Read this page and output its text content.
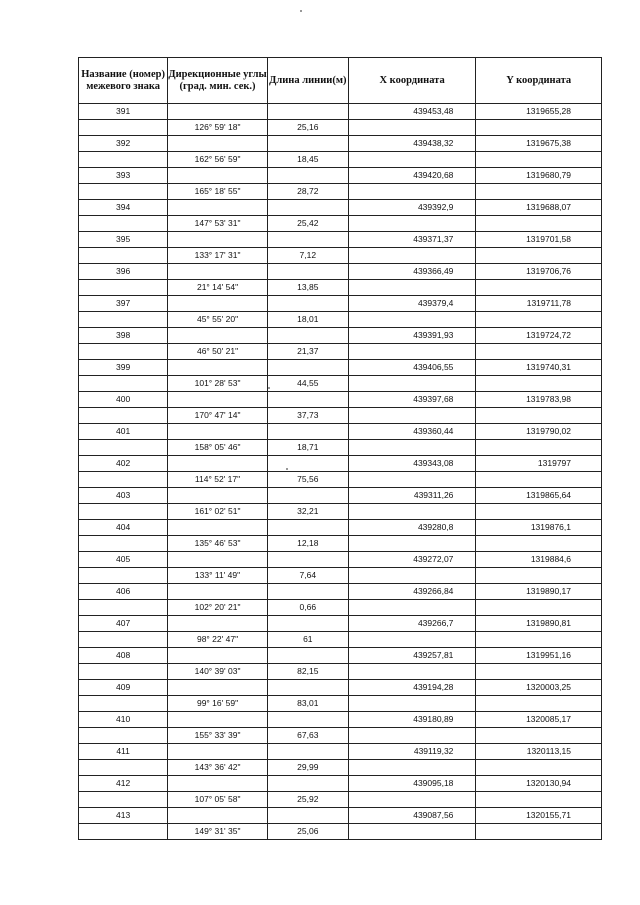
Название (номер) межевого знака	Дирекционные углы (град. мин. сек.)	Длина линии(м)	X координата	Y координата
391			439453,48	1319655,28
	126° 59' 18"	25,16		
392			439438,32	1319675,38
	162° 56' 59"	18,45		
393			439420,68	1319680,79
	165° 18' 55"	28,72		
394			439392,9	1319688,07
	147° 53' 31"	25,42		
395			439371,37	1319701,58
	133° 17' 31"	7,12		
396			439366,49	1319706,76
	21° 14' 54"	13,85		
397			439379,4	1319711,78
	45° 55' 20"	18,01		
398			439391,93	1319724,72
	46° 50' 21"	21,37		
399			439406,55	1319740,31
	101° 28' 53"	44,55		
400			439397,68	1319783,98
	170° 47' 14"	37,73		
401			439360,44	1319790,02
	158° 05' 46"	18,71		
402			439343,08	1319797
	114° 52' 17"	75,56		
403			439311,26	1319865,64
	161° 02' 51"	32,21		
404			439280,8	1319876,1
	135° 46' 53"	12,18		
405			439272,07	1319884,6
	133° 11' 49"	7,64		
406			439266,84	1319890,17
	102° 20' 21"	0,66		
407			439266,7	1319890,81
	98° 22' 47"	61		
408			439257,81	1319951,16
	140° 39' 03"	82,15		
409			439194,28	1320003,25
	99° 16' 59"	83,01		
410			439180,89	1320085,17
	155° 33' 39"	67,63		
411			439119,32	1320113,15
	143° 36' 42"	29,99		
412			439095,18	1320130,94
	107° 05' 58"	25,92		
413			439087,56	1320155,71
	149° 31' 35"	25,06		
